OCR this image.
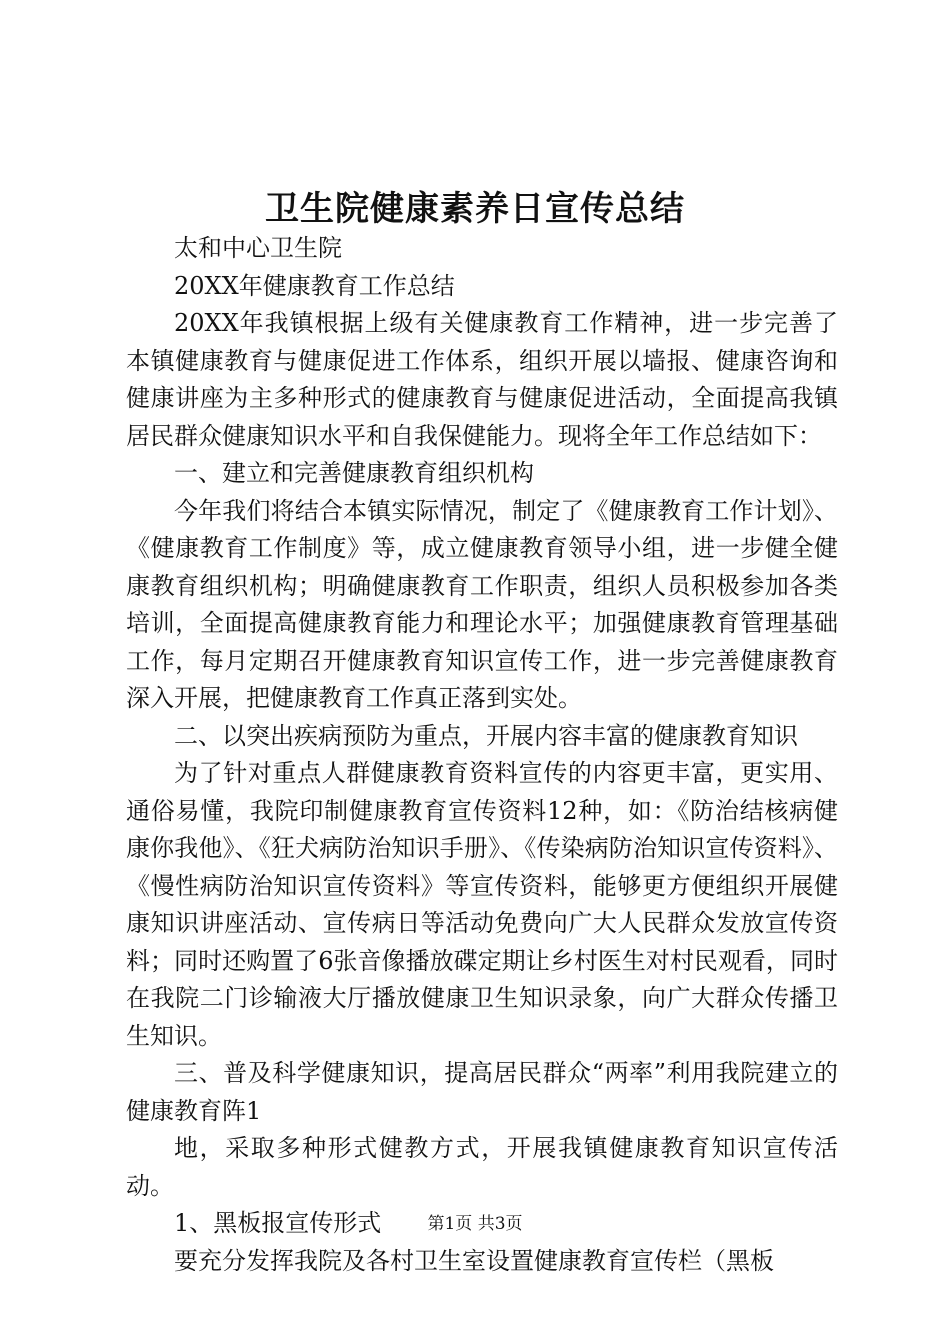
卫生院健康素养日宣传总结

太和中心卫生院

20XX年健康教育工作总结

20XX年我镇根据上级有关健康教育工作精神，进一步完善了本镇健康教育与健康促进工作体系，组织开展以墙报、健康咨询和健康讲座为主多种形式的健康教育与健康促进活动，全面提高我镇居民群众健康知识水平和自我保健能力。现将全年工作总结如下：

一、建立和完善健康教育组织机构

今年我们将结合本镇实际情况，制定了《健康教育工作计划》、《健康教育工作制度》等，成立健康教育领导小组，进一步健全健康教育组织机构；明确健康教育工作职责，组织人员积极参加各类培训，全面提高健康教育能力和理论水平；加强健康教育管理基础工作，每月定期召开健康教育知识宣传工作，进一步完善健康教育深入开展，把健康教育工作真正落到实处。

二、以突出疾病预防为重点，开展内容丰富的健康教育知识

为了针对重点人群健康教育资料宣传的内容更丰富，更实用、通俗易懂，我院印制健康教育宣传资料12种，如：《防治结核病健康你我他》、《狂犬病防治知识手册》、《传染病防治知识宣传资料》、《慢性病防治知识宣传资料》等宣传资料，能够更方便组织开展健康知识讲座活动、宣传病日等活动免费向广大人民群众发放宣传资料；同时还购置了6张音像播放碟定期让乡村医生对村民观看，同时在我院二门诊输液大厅播放健康卫生知识录象，向广大群众传播卫生知识。

三、普及科学健康知识，提高居民群众“两率”利用我院建立的健康教育阵1

地，采取多种形式健教方式，开展我镇健康教育知识宣传活动。

1、黑板报宣传形式

要充分发挥我院及各村卫生室设置健康教育宣传栏（黑板

第1页 共3页
